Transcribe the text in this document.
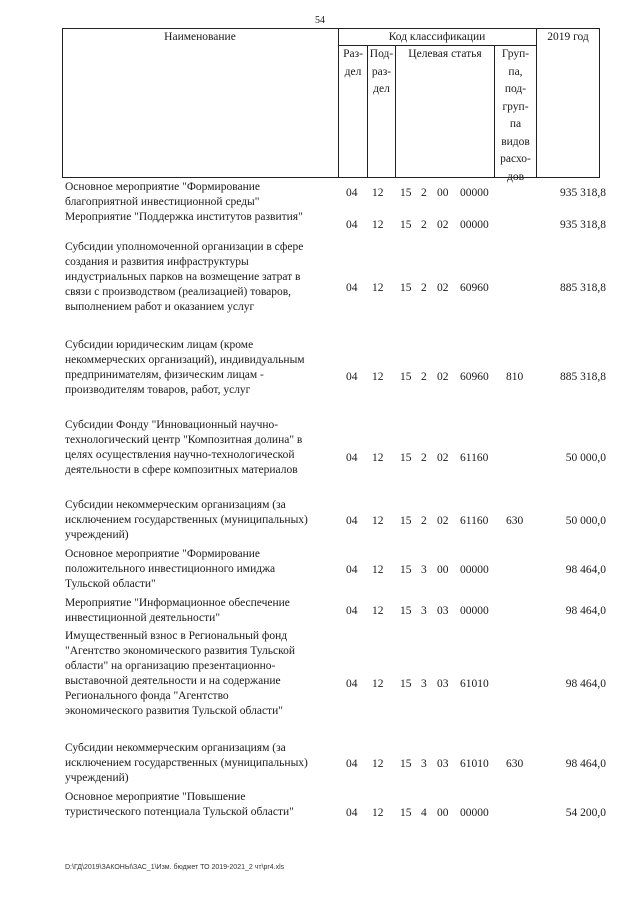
54
Наименование	Код классификации	2019 год
Раз-
дел
Под-
раз-
дел
Целевая статья	Груп-
па,
под-
груп-
па
видов
расхо-
дов
Основное мероприятие "Формирование
благоприятной инвестиционной среды"
04 12 15 2 00 00000	935 318,8
Мероприятие "Поддержка институтов развития"
04 12 15 2 02 00000	935 318,8
Субсидии уполномоченной организации в сфере
создания и развития инфраструктуры
индустриальных парков на возмещение затрат в
связи с производством (реализацией) товаров,
выполнением работ и оказанием услуг
04 12 15 2 02 60960	885 318,8
Субсидии юридическим лицам (кроме
некоммерческих организаций), индивидуальным
предпринимателям, физическим лицам -
производителям товаров, работ, услуг
04 12 15 2 02 60960 810	885 318,8
Субсидии Фонду "Инновационный научно-
технологический центр "Композитная долина" в
целях осуществления научно-технологической
деятельности в сфере композитных материалов
04 12 15 2 02 61160	50 000,0
Субсидии некоммерческим организациям (за
исключением государственных (муниципальных)
учреждений)
04 12 15 2 02 61160 630	50 000,0
Основное мероприятие "Формирование
положительного инвестиционного имиджа
Тульской области"
04 12 15 3 00 00000	98 464,0
Мероприятие "Информационное обеспечение
инвестиционной деятельности"
04 12 15 3 03 00000	98 464,0
Имущественный взнос в Региональный фонд
"Агентство экономического развития Тульской
области" на организацию презентационно-
выставочной деятельности и на содержание
Регионального фонда "Агентство
экономического развития Тульской области"
04 12 15 3 03 61010	98 464,0
Субсидии некоммерческим организациям (за
исключением государственных (муниципальных)
учреждений)
04 12 15 3 03 61010 630	98 464,0
Основное мероприятие "Повышение
туристического потенциала Тульской области"	04 12 15 4 00 00000	54 200,0
D:\ГД\2019\ЗАКОНЫ\ЗАС_1\Изм. бюджет ТО 2019-2021_2 чт\pr4.xls
